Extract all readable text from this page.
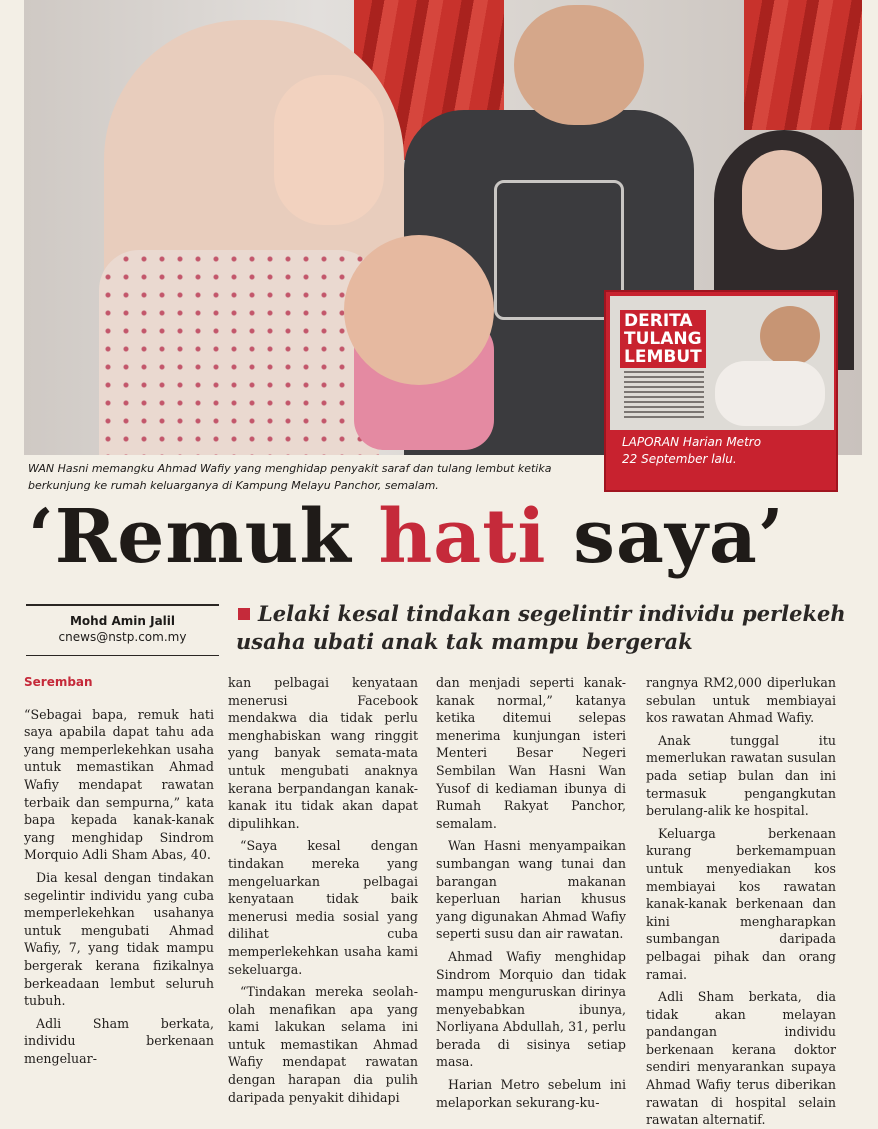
DERITA
TULANG
LEMBUT
LAPORAN Harian Metro
22 September lalu.
WAN Hasni memangku Ahmad Wafiy yang menghidap penyakit saraf dan tulang lembut ketika berkunjung ke rumah keluarganya di Kampung Melayu Panchor, semalam.
‘Remuk hati saya’
Mohd Amin Jalil
cnews@nstp.com.my
Lelaki kesal tindakan segelintir individu perlekeh usaha ubati anak tak mampu bergerak
Seremban

“Sebagai bapa, remuk hati saya apabila dapat tahu ada yang memperlekehkan usaha untuk memastikan Ahmad Wafiy mendapat rawatan terbaik dan sempurna,” kata bapa kepada kanak-kanak yang menghidap Sindrom Morquio Adli Sham Abas, 40.

Dia kesal dengan tindakan segelintir individu yang cuba memperlekehkan usahanya untuk mengubati Ahmad Wafiy, 7, yang tidak mampu bergerak kerana fizikalnya berkeadaan lembut seluruh tubuh.

Adli Sham berkata, individu berkenaan mengeluar-

kan pelbagai kenyataan menerusi Facebook mendakwa dia tidak perlu menghabiskan wang ringgit yang banyak semata-mata untuk mengubati anaknya kerana berpandangan kanak-kanak itu tidak akan dapat dipulihkan.

“Saya kesal dengan tindakan mereka yang mengeluarkan pelbagai kenyataan tidak baik menerusi media sosial yang dilihat cuba memperlekehkan usaha kami sekeluarga.

“Tindakan mereka seolah-olah menafikan apa yang kami lakukan selama ini untuk memastikan Ahmad Wafiy mendapat rawatan dengan harapan dia pulih daripada penyakit dihidapi

dan menjadi seperti kanak-kanak normal,” katanya ketika ditemui selepas menerima kunjungan isteri Menteri Besar Negeri Sembilan Wan Hasni Wan Yusof di kediaman ibunya di Rumah Rakyat Panchor, semalam.

Wan Hasni menyampaikan sumbangan wang tunai dan barangan makanan keperluan harian khusus yang digunakan Ahmad Wafiy seperti susu dan air rawatan.

Ahmad Wafiy menghidap Sindrom Morquio dan tidak mampu menguruskan dirinya menyebabkan ibunya, Norliyana Abdullah, 31, perlu berada di sisinya setiap masa.

Harian Metro sebelum ini melaporkan sekurang-ku-

rangnya RM2,000 diperlukan sebulan untuk membiayai kos rawatan Ahmad Wafiy.

Anak tunggal itu memerlukan rawatan susulan pada setiap bulan dan ini termasuk pengangkutan berulang-alik ke hospital.

Keluarga berkenaan kurang berkemampuan untuk menyediakan kos membiayai kos rawatan kanak-kanak berkenaan dan kini mengharapkan sumbangan daripada pelbagai pihak dan orang ramai.

Adli Sham berkata, dia tidak akan melayan pandangan individu berkenaan kerana doktor sendiri menyarankan supaya Ahmad Wafiy terus diberikan rawatan di hospital selain rawatan alternatif.
